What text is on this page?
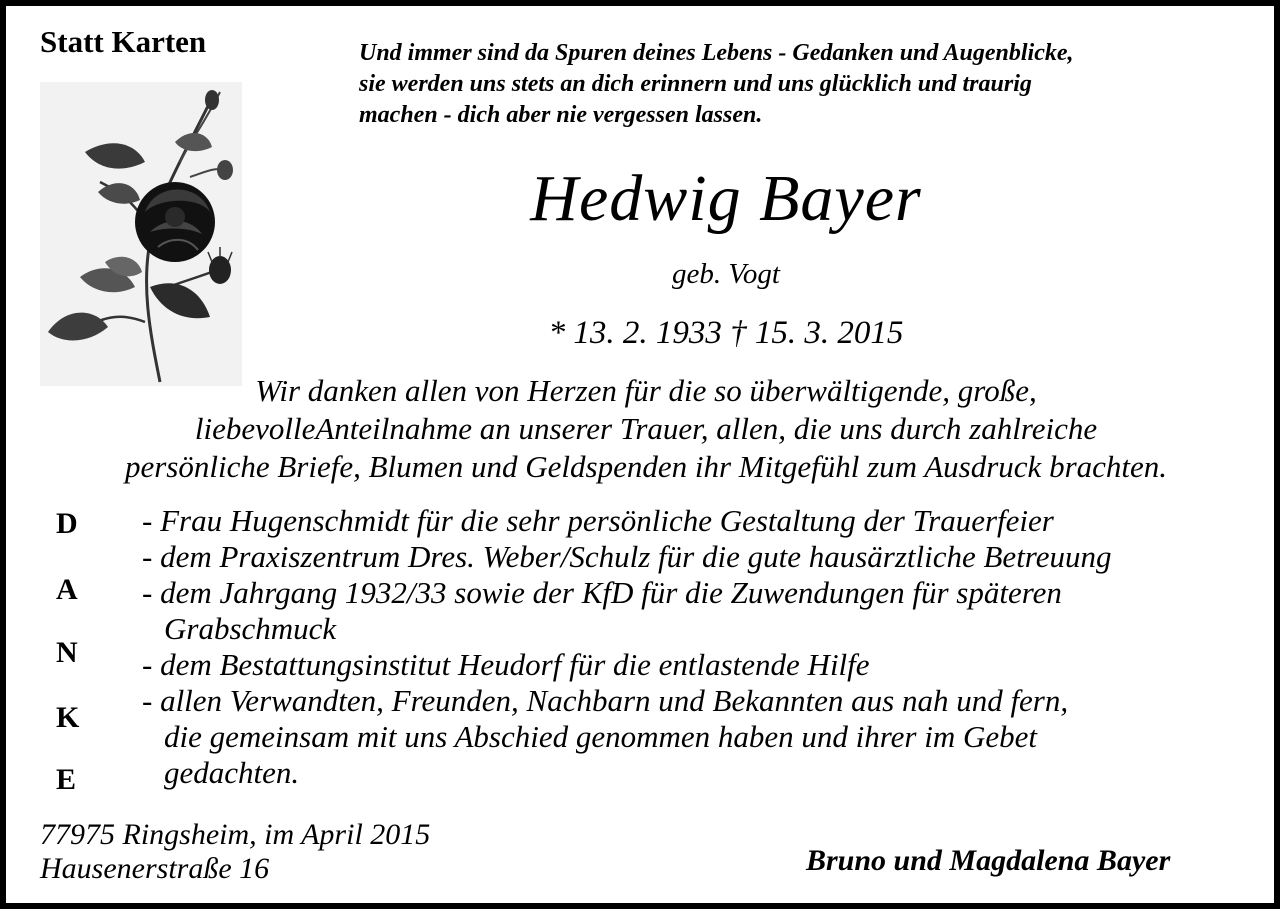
Statt Karten	Und immer sind da Spuren deines Lebens - Gedanken und Augenblicke,
sie werden uns stets an dich erinnern und uns glücklich und traurig
machen - dich aber nie vergessen lassen.
Hedwig Bayer
geb. Vogt
* 13. 2. 1933 † 15. 3. 2015
Wir danken allen von Herzen für die so überwältigende, große,
liebevolleAnteilnahme an unserer Trauer, allen, die uns durch zahlreiche
persönliche Briefe, Blumen und Geldspenden ihr Mitgefühl zum Ausdruck brachten.
D
A
N
K
E
- Frau Hugenschmidt für die sehr persönliche Gestaltung der Trauerfeier
- dem Praxiszentrum Dres. Weber/Schulz für die gute hausärztliche Betreuung
- dem Jahrgang 1932/33 sowie der KfD für die Zuwendungen für späteren
Grabschmuck
- dem Bestattungsinstitut Heudorf für die entlastende Hilfe
- allen Verwandten, Freunden, Nachbarn und Bekannten aus nah und fern,
die gemeinsam mit uns Abschied genommen haben und ihrer im Gebet
gedachten.
77975 Ringsheim, im April 2015
Hausenerstraße 16	Bruno und Magdalena Bayer
